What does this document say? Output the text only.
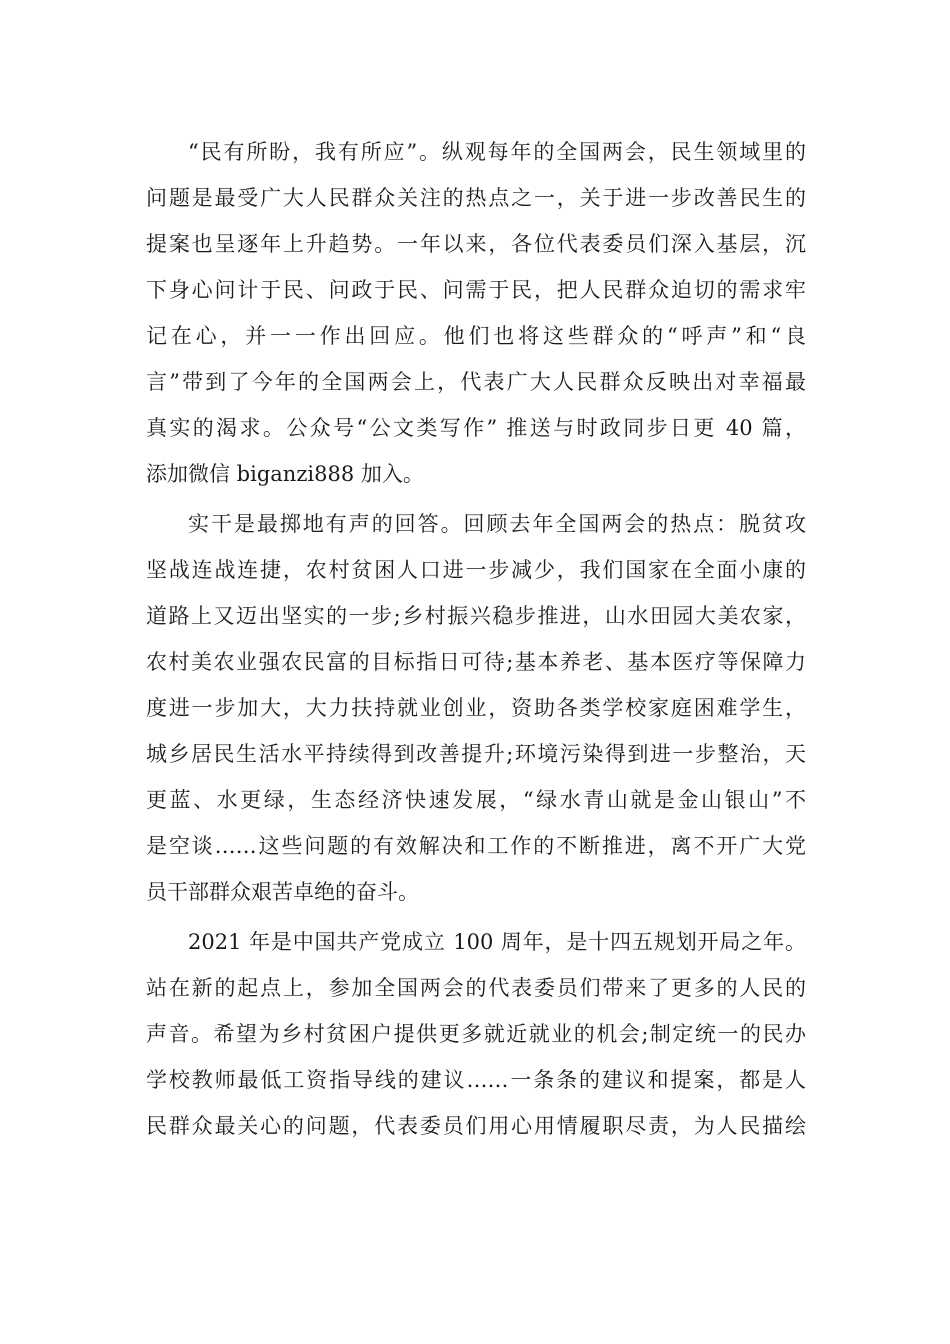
“民有所盼，我有所应”。纵观每年的全国两会，民生领域里的
问题是最受广大人民群众关注的热点之一，关于进一步改善民生的
提案也呈逐年上升趋势。一年以来，各位代表委员们深入基层，沉
下身心问计于民、问政于民、问需于民，把人民群众迫切的需求牢
记在心，并一一作出回应。他们也将这些群众的“呼声”和“良
言”带到了今年的全国两会上，代表广大人民群众反映出对幸福最
真实的渴求。公众号“公文类写作” 推送与时政同步日更 40 篇，
添加微信 biganzi888 加入。
实干是最掷地有声的回答。回顾去年全国两会的热点：脱贫攻
坚战连战连捷，农村贫困人口进一步减少，我们国家在全面小康的
道路上又迈出坚实的一步;乡村振兴稳步推进，山水田园大美农家，
农村美农业强农民富的目标指日可待;基本养老、基本医疗等保障力
度进一步加大，大力扶持就业创业，资助各类学校家庭困难学生，
城乡居民生活水平持续得到改善提升;环境污染得到进一步整治，天
更蓝、水更绿，生态经济快速发展，“绿水青山就是金山银山”不
是空谈……这些问题的有效解决和工作的不断推进，离不开广大党
员干部群众艰苦卓绝的奋斗。
2021 年是中国共产党成立 100 周年，是十四五规划开局之年。
站在新的起点上，参加全国两会的代表委员们带来了更多的人民的
声音。希望为乡村贫困户提供更多就近就业的机会;制定统一的民办
学校教师最低工资指导线的建议……一条条的建议和提案，都是人
民群众最关心的问题，代表委员们用心用情履职尽责，为人民描绘
